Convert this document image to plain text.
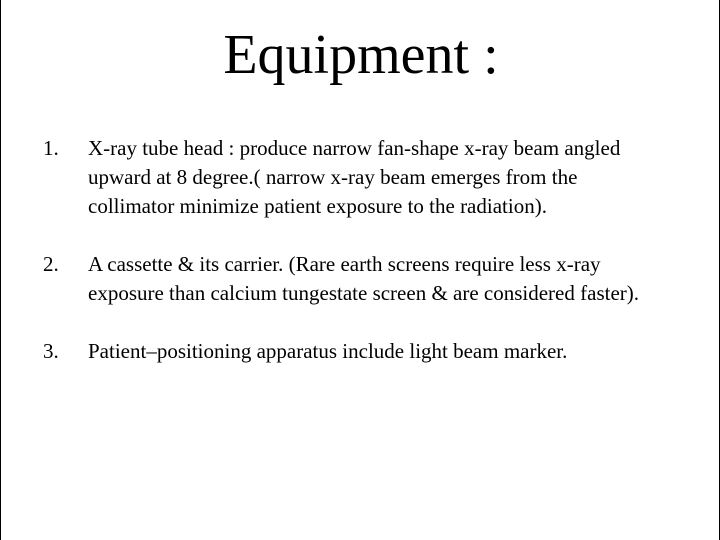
Equipment :
1.	X-ray tube head : produce narrow fan-shape x-ray beam angled upward at 8 degree.( narrow x-ray beam emerges from the collimator minimize patient exposure to the radiation).
2.	A cassette & its carrier. (Rare earth screens require less x-ray exposure than calcium tungestate screen & are considered faster).
3.	Patient–positioning apparatus include light beam marker.
